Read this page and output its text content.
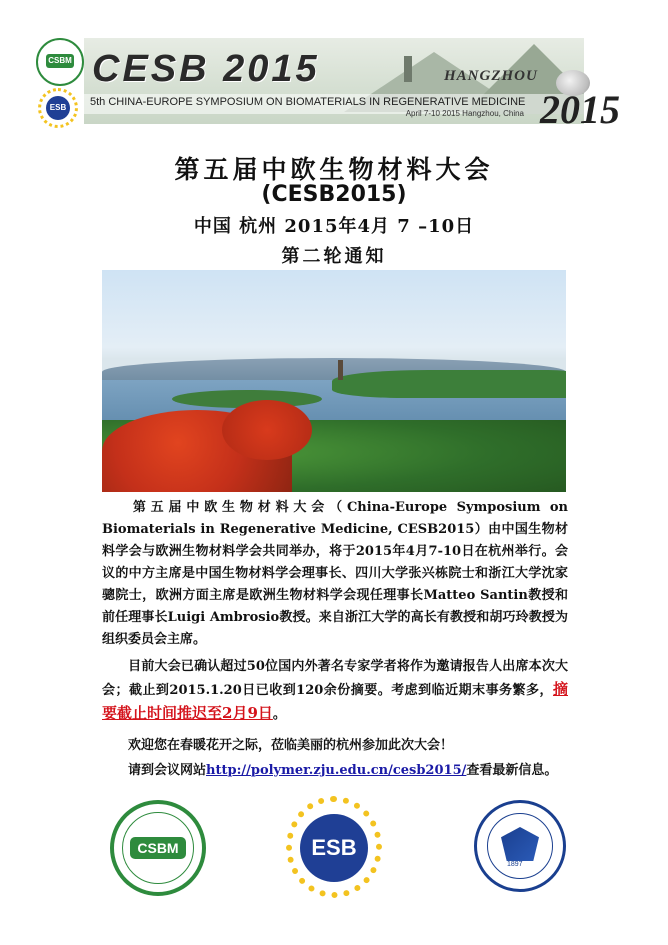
CSBM
ESB
CESB 2015	HANGZHOU
5th CHINA-EUROPE SYMPOSIUM ON BIOMATERIALS IN REGENERATIVE MEDICINE
April 7-10 2015 Hangzhou, China 2015
第五届中欧生物材料大会
(CESB2015)
中国 杭州 2015年4月 7 –10日
第二轮通知
第五届中欧生物材料大会（China-Europe Symposium on Biomaterials in Regenerative Medicine, CESB2015）由中国生物材料学会与欧洲生物材料学会共同举办，将于2015年4月7-10日在杭州举行。会议的中方主席是中国生物材料学会理事长、四川大学张兴栋院士和浙江大学沈家骢院士，欧洲方面主席是欧洲生物材料学会现任理事长Matteo Santin教授和前任理事长Luigi Ambrosio教授。来自浙江大学的高长有教授和胡巧玲教授为组织委员会主席。
目前大会已确认超过50位国内外著名专家学者将作为邀请报告人出席本次大会；截止到2015.1.20日已收到120余份摘要。考虑到临近期末事务繁多，摘要截止时间推迟至2月9日。
欢迎您在春暖花开之际，莅临美丽的杭州参加此次大会！
请到会议网站http://polymer.zju.edu.cn/cesb2015/查看最新信息。
CSBM	ESB
1897
